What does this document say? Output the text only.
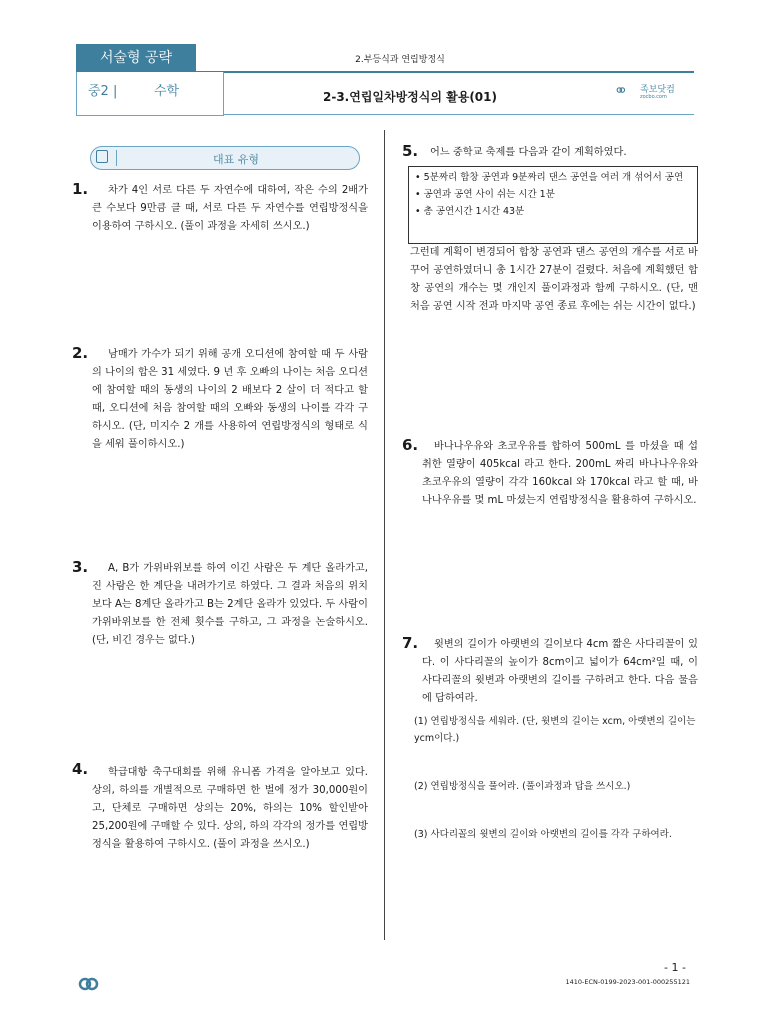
서술형 공략
중2 |	수학
2.부등식과 연립방정식
2-3.연립일차방정식의 활용(01)	족보닷컴
zocbo.com
대표 유형
1.	차가 4인 서로 다른 두 자연수에 대하여, 작은 수의 2배가 큰 수보다 9만큼 클 때, 서로 다른 두 자연수를 연립방정식을 이용하여 구하시오. (풀이 과정을 자세히 쓰시오.)
2.	남매가 가수가 되기 위해 공개 오디션에 참여할 때 두 사람의 나이의 합은 31 세였다. 9 년 후 오빠의 나이는 처음 오디션에 참여할 때의 동생의 나이의 2 배보다 2 살이 더 적다고 할 때, 오디션에 처음 참여할 때의 오빠와 동생의 나이를 각각 구하시오. (단, 미지수 2 개를 사용하여 연립방정식의 형태로 식을 세워 풀이하시오.)
3.	A, B가 가위바위보를 하여 이긴 사람은 두 계단 올라가고, 진 사람은 한 계단을 내려가기로 하였다. 그 결과 처음의 위치보다 A는 8계단 올라가고 B는 2계단 올라가 있었다. 두 사람이 가위바위보를 한 전체 횟수를 구하고, 그 과정을 논술하시오.(단, 비긴 경우는 없다.)
4.	학급대항 축구대회를 위해 유니폼 가격을 알아보고 있다. 상의, 하의를 개별적으로 구매하면 한 벌에 정가 30,000원이고, 단체로 구매하면 상의는 20%, 하의는 10% 할인받아 25,200원에 구매할 수 있다. 상의, 하의 각각의 정가를 연립방정식을 활용하여 구하시오. (풀이 과정을 쓰시오.)
5. 어느 중학교 축제를 다음과 같이 계획하였다.

• 5분짜리 합창 공연과 9분짜리 댄스 공연을 여러 개 섞어서 공연

• 공연과 공연 사이 쉬는 시간 1분

• 총 공연시간 1시간 43분

그런데 계획이 변경되어 합창 공연과 댄스 공연의 개수를 서로 바꾸어 공연하였더니 총 1시간 27분이 걸렸다. 처음에 계획했던 합창 공연의 개수는 몇 개인지 풀이과정과 함께 구하시오. (단, 맨 처음 공연 시작 전과 마지막 공연 종료 후에는 쉬는 시간이 없다.)
6.	바나나우유와 초코우유를 합하여 500mL 를 마셨을 때 섭취한 열량이 405kcal 라고 한다. 200mL 짜리 바나나우유와 초코우유의 열량이 각각 160kcal 와 170kcal 라고 할 때, 바나나우유를 몇 mL 마셨는지 연립방정식을 활용하여 구하시오.
7.	윗변의 길이가 아랫변의 길이보다 4cm 짧은 사다리꼴이 있다. 이 사다리꼴의 높이가 8cm이고 넓이가 64cm²일 때, 이 사다리꼴의 윗변과 아랫변의 길이를 구하려고 한다. 다음 물음에 답하여라.
(1) 연립방정식을 세워라. (단, 윗변의 길이는 xcm, 아랫변의 길이는 ycm이다.)
(2) 연립방정식을 풀어라. (풀이과정과 답을 쓰시오.)
(3) 사다리꼴의 윗변의 길이와 아랫변의 길이를 각각 구하여라.
- 1 -
1410-ECN-0199-2023-001-000255121
